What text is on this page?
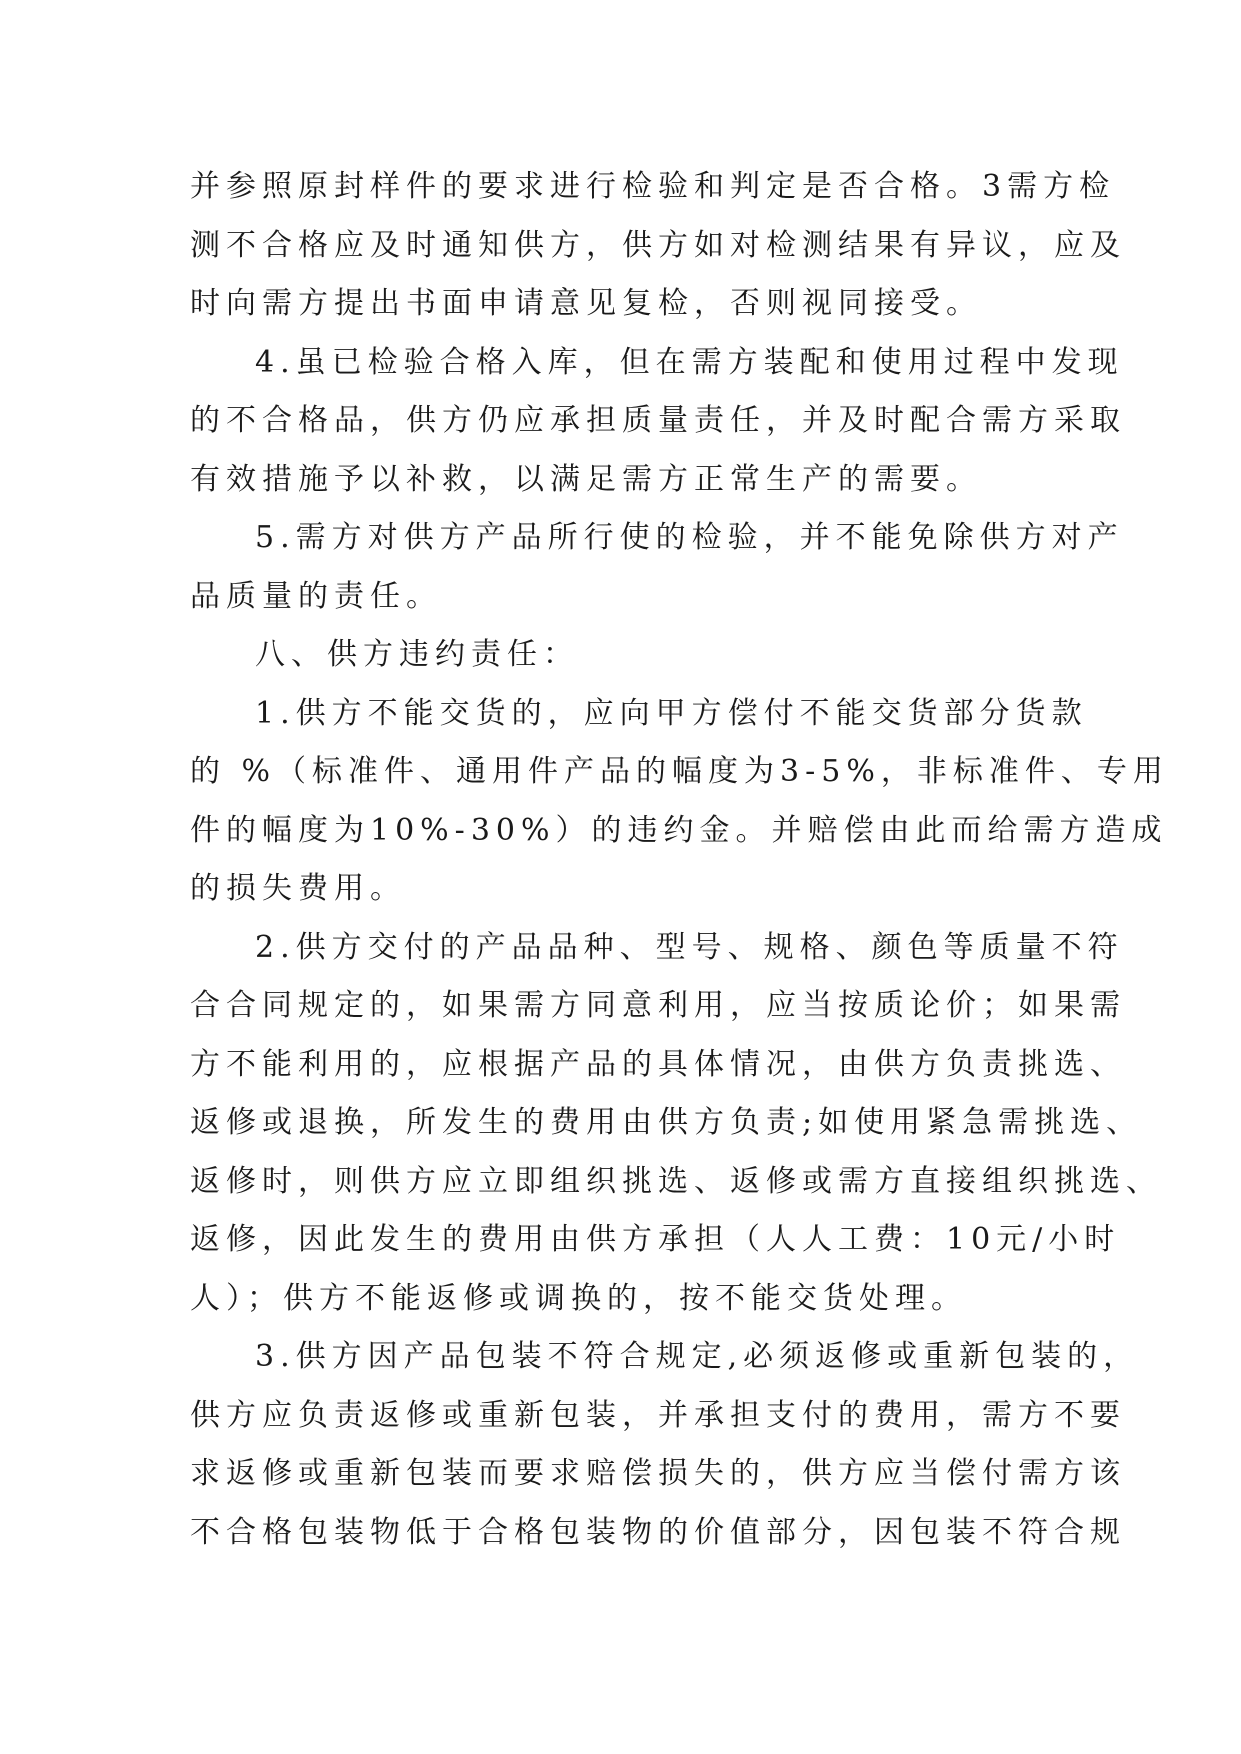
并参照原封样件的要求进行检验和判定是否合格。3需方检
测不合格应及时通知供方，供方如对检测结果有异议，应及
时向需方提出书面申请意见复检，否则视同接受。
4.虽已检验合格入库，但在需方装配和使用过程中发现
的不合格品，供方仍应承担质量责任，并及时配合需方采取
有效措施予以补救，以满足需方正常生产的需要。
5.需方对供方产品所行使的检验，并不能免除供方对产
品质量的责任。
八、供方违约责任：
1.供方不能交货的，应向甲方偿付不能交货部分货款
的 %（标准件、通用件产品的幅度为3-5%，非标准件、专用
件的幅度为10%-30%）的违约金。并赔偿由此而给需方造成
的损失费用。
2.供方交付的产品品种、型号、规格、颜色等质量不符
合合同规定的，如果需方同意利用，应当按质论价；如果需
方不能利用的，应根据产品的具体情况，由供方负责挑选、
返修或退换，所发生的费用由供方负责;如使用紧急需挑选、
返修时，则供方应立即组织挑选、返修或需方直接组织挑选、
返修，因此发生的费用由供方承担（人人工费：10元/小时
人）；供方不能返修或调换的，按不能交货处理。
3.供方因产品包装不符合规定,必须返修或重新包装的，
供方应负责返修或重新包装，并承担支付的费用，需方不要
求返修或重新包装而要求赔偿损失的，供方应当偿付需方该
不合格包装物低于合格包装物的价值部分，因包装不符合规
